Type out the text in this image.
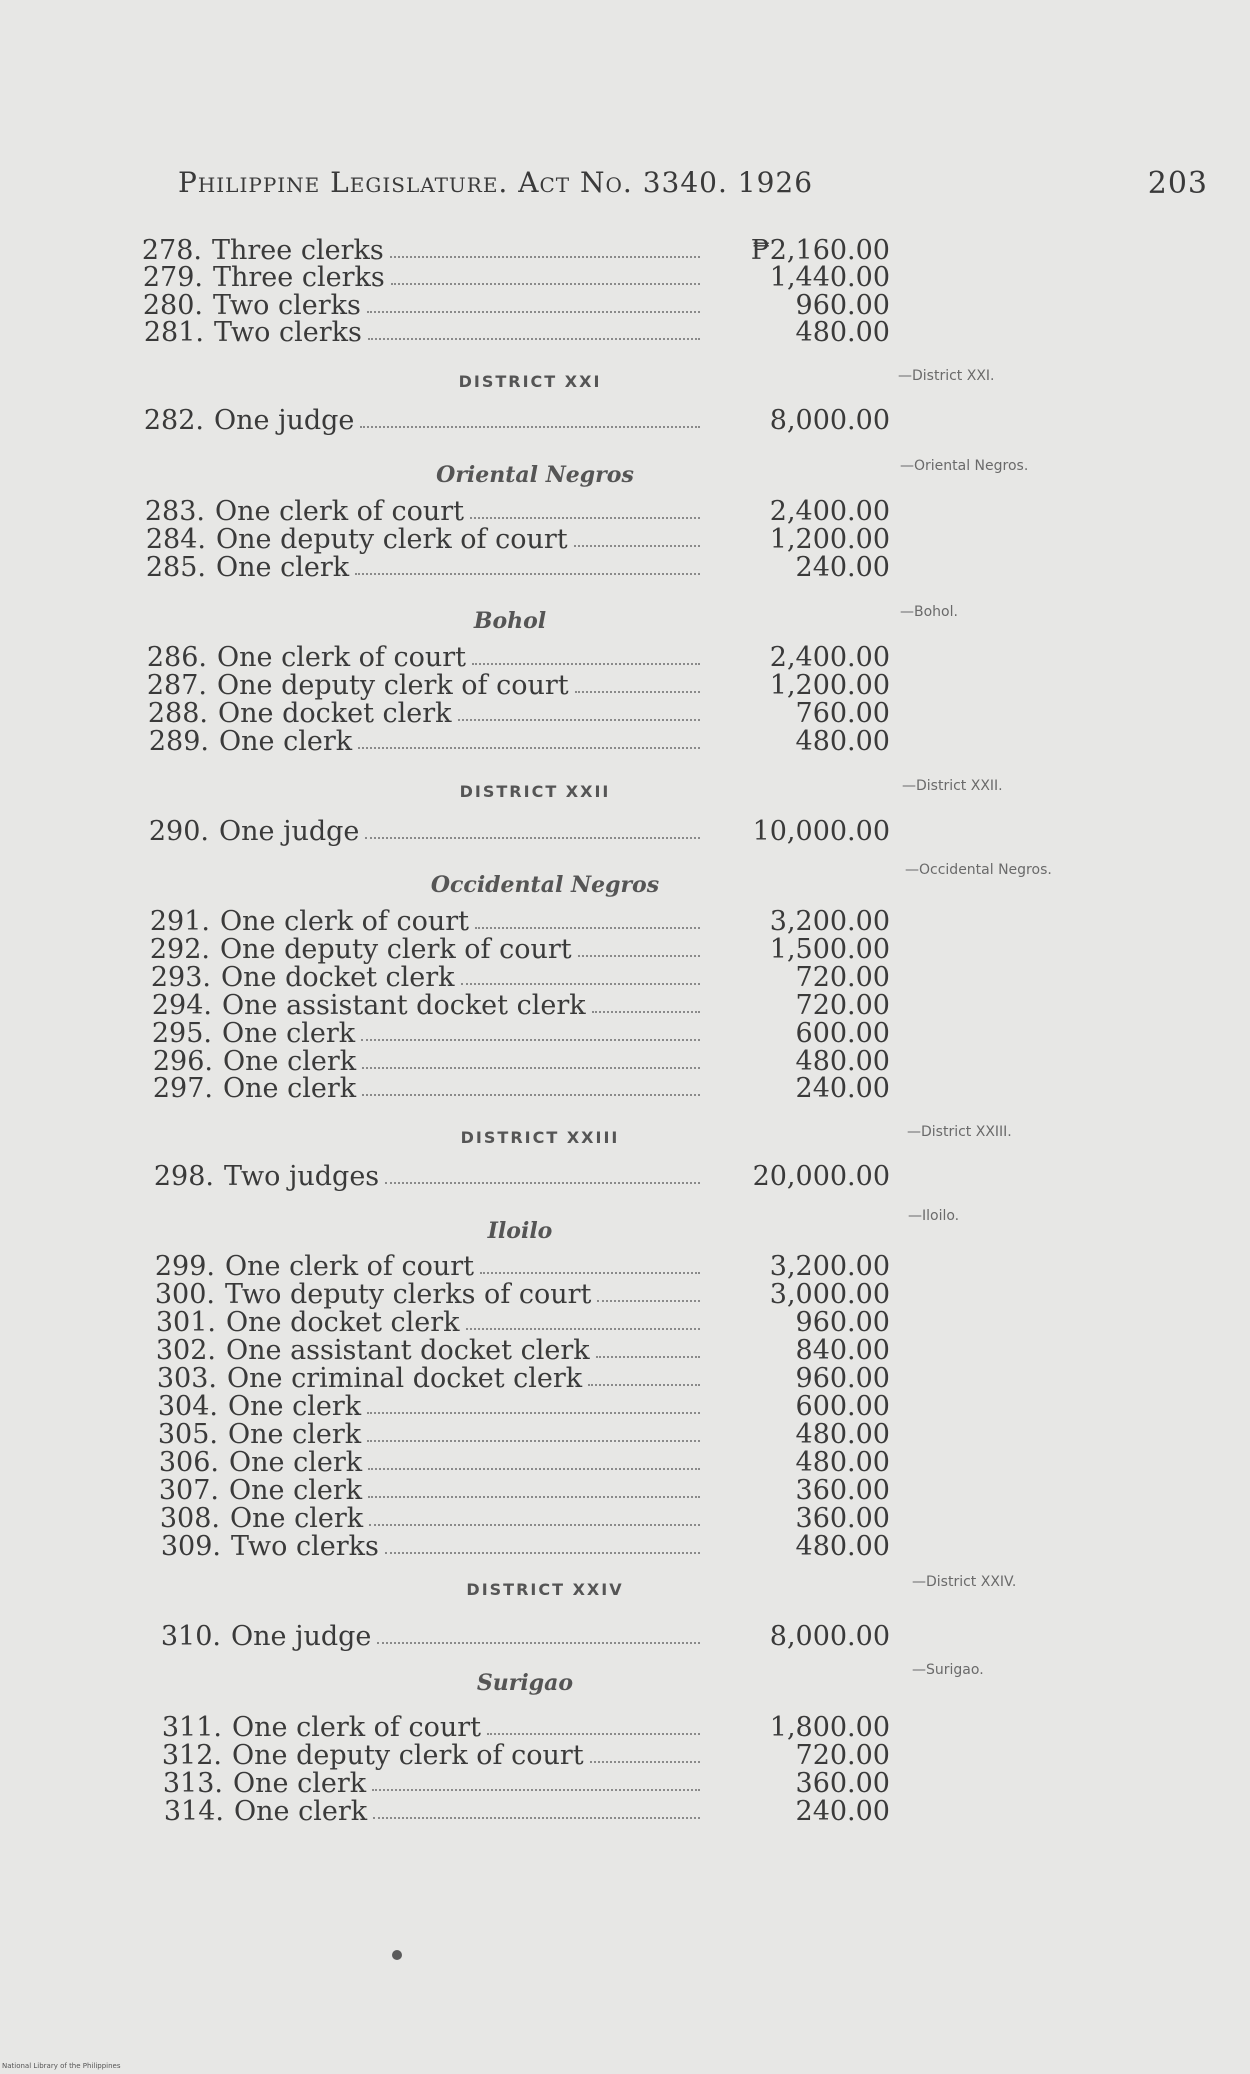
Philippine Legislature. Act No. 3340. 1926	203
278. Three clerks	₱2,160.00
279. Three clerks	1,440.00
280. Two clerks	960.00
281. Two clerks	480.00
282. One judge	8,000.00
283. One clerk of court	2,400.00
284. One deputy clerk of court	1,200.00
285. One clerk	240.00
286. One clerk of court	2,400.00
287. One deputy clerk of court	1,200.00
288. One docket clerk	760.00
289. One clerk	480.00
290. One judge	10,000.00
291. One clerk of court	3,200.00
292. One deputy clerk of court	1,500.00
293. One docket clerk	720.00
294. One assistant docket clerk	720.00
295. One clerk	600.00
296. One clerk	480.00
297. One clerk	240.00
298. Two judges	20,000.00
299. One clerk of court	3,200.00
300. Two deputy clerks of court	3,000.00
301. One docket clerk	960.00
302. One assistant docket clerk	840.00
303. One criminal docket clerk	960.00
304. One clerk	600.00
305. One clerk	480.00
306. One clerk	480.00
307. One clerk	360.00
308. One clerk	360.00
309. Two clerks	480.00
310. One judge	8,000.00
311. One clerk of court	1,800.00
312. One deputy clerk of court	720.00
313. One clerk	360.00
314. One clerk	240.00
DISTRICT XXI
Oriental Negros
Bohol
DISTRICT XXII
Occidental Negros
DISTRICT XXIII
Iloilo
DISTRICT XXIV
Surigao
—District XXI.
—Oriental Negros.
—Bohol.
—District XXII.
—Occidental Negros.
—District XXIII.
—Iloilo.
—District XXIV.
—Surigao.
National Library of the Philippines
